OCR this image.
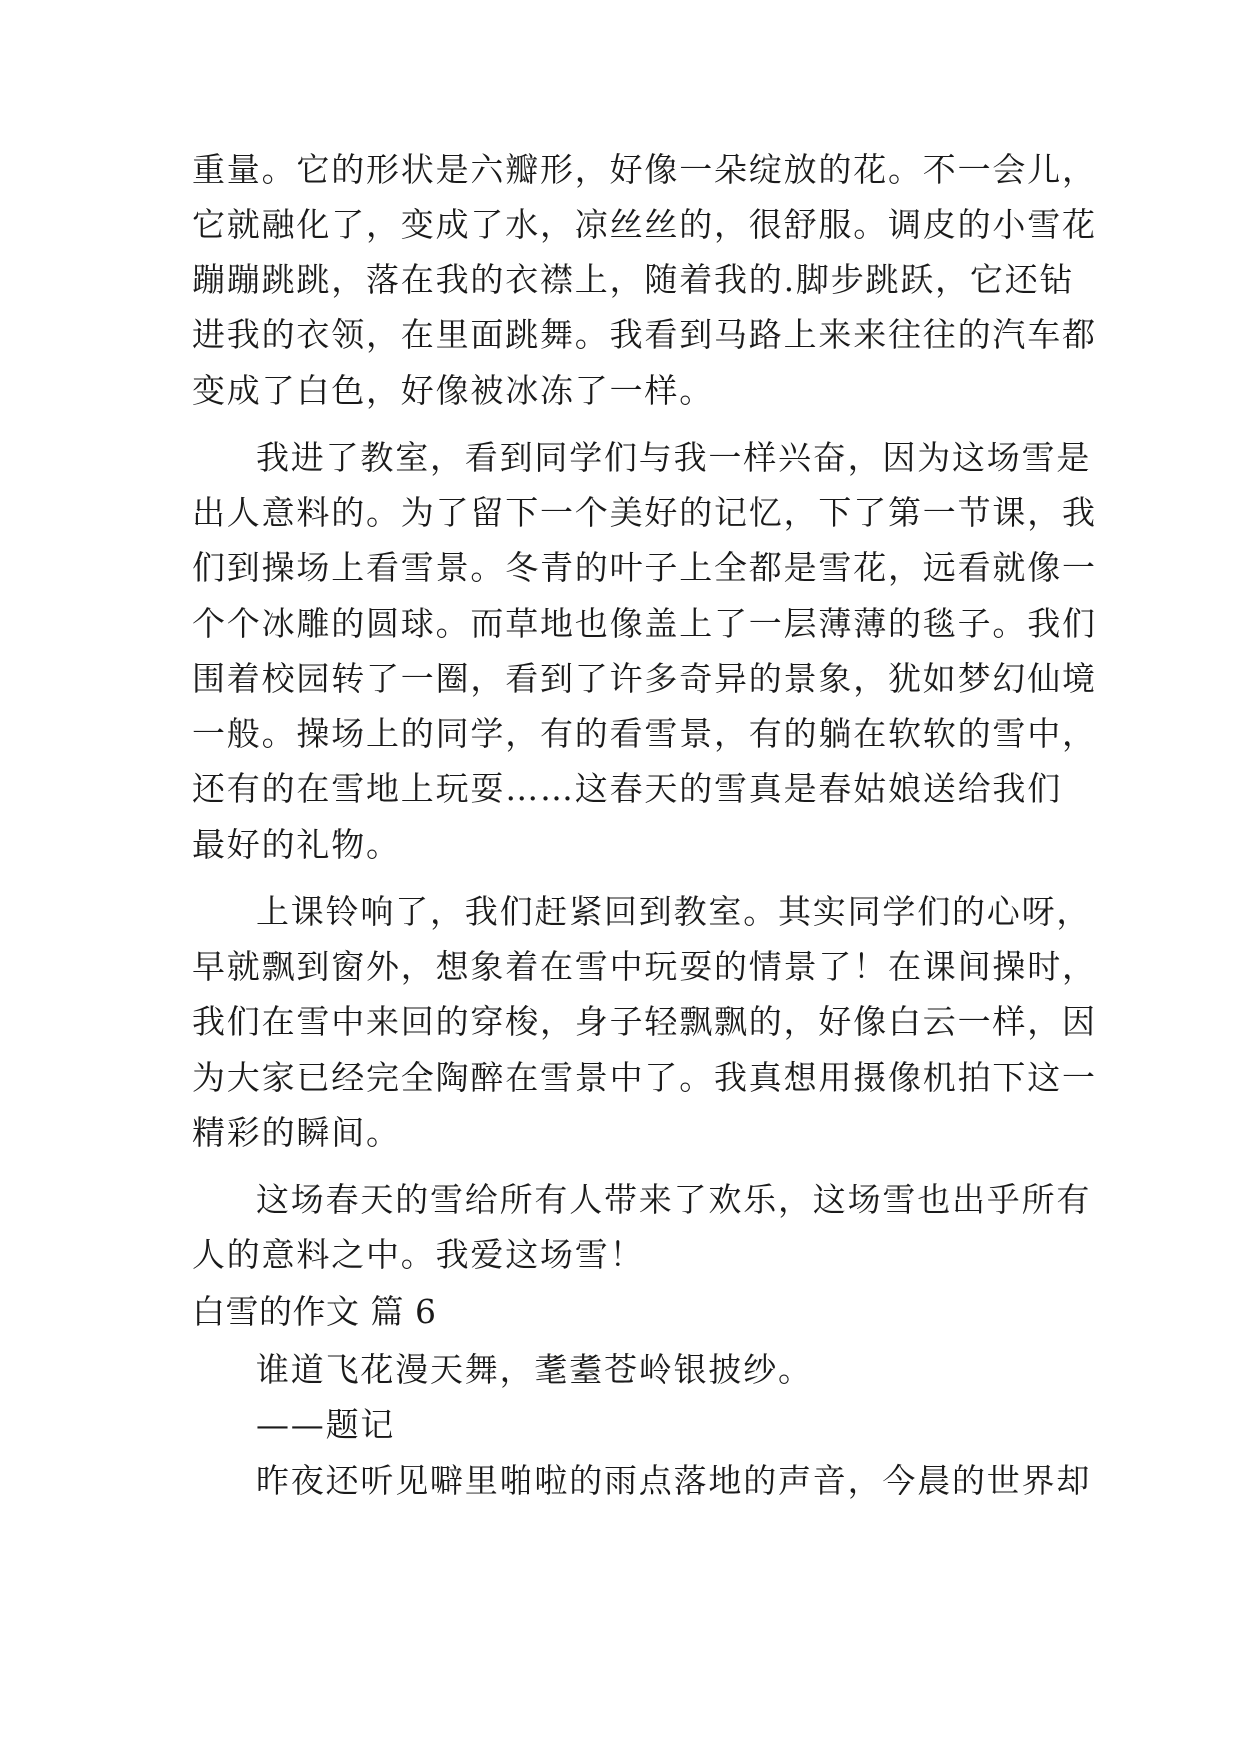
重量。它的形状是六瓣形，好像一朵绽放的花。不一会儿，
它就融化了，变成了水，凉丝丝的，很舒服。调皮的小雪花
蹦蹦跳跳，落在我的衣襟上，随着我的.脚步跳跃，它还钻
进我的衣领，在里面跳舞。我看到马路上来来往往的汽车都
变成了白色，好像被冰冻了一样。
我进了教室，看到同学们与我一样兴奋，因为这场雪是
出人意料的。为了留下一个美好的记忆，下了第一节课，我
们到操场上看雪景。冬青的叶子上全都是雪花，远看就像一
个个冰雕的圆球。而草地也像盖上了一层薄薄的毯子。我们
围着校园转了一圈，看到了许多奇异的景象，犹如梦幻仙境
一般。操场上的同学，有的看雪景，有的躺在软软的雪中，
还有的在雪地上玩耍……这春天的雪真是春姑娘送给我们
最好的礼物。
上课铃响了，我们赶紧回到教室。其实同学们的心呀，
早就飘到窗外，想象着在雪中玩耍的情景了！在课间操时，
我们在雪中来回的穿梭，身子轻飘飘的，好像白云一样，因
为大家已经完全陶醉在雪景中了。我真想用摄像机拍下这一
精彩的瞬间。
这场春天的雪给所有人带来了欢乐，这场雪也出乎所有
人的意料之中。我爱这场雪！
白雪的作文 篇 6
谁道飞花漫天舞，耄耋苍岭银披纱。
——题记
昨夜还听见噼里啪啦的雨点落地的声音，今晨的世界却
